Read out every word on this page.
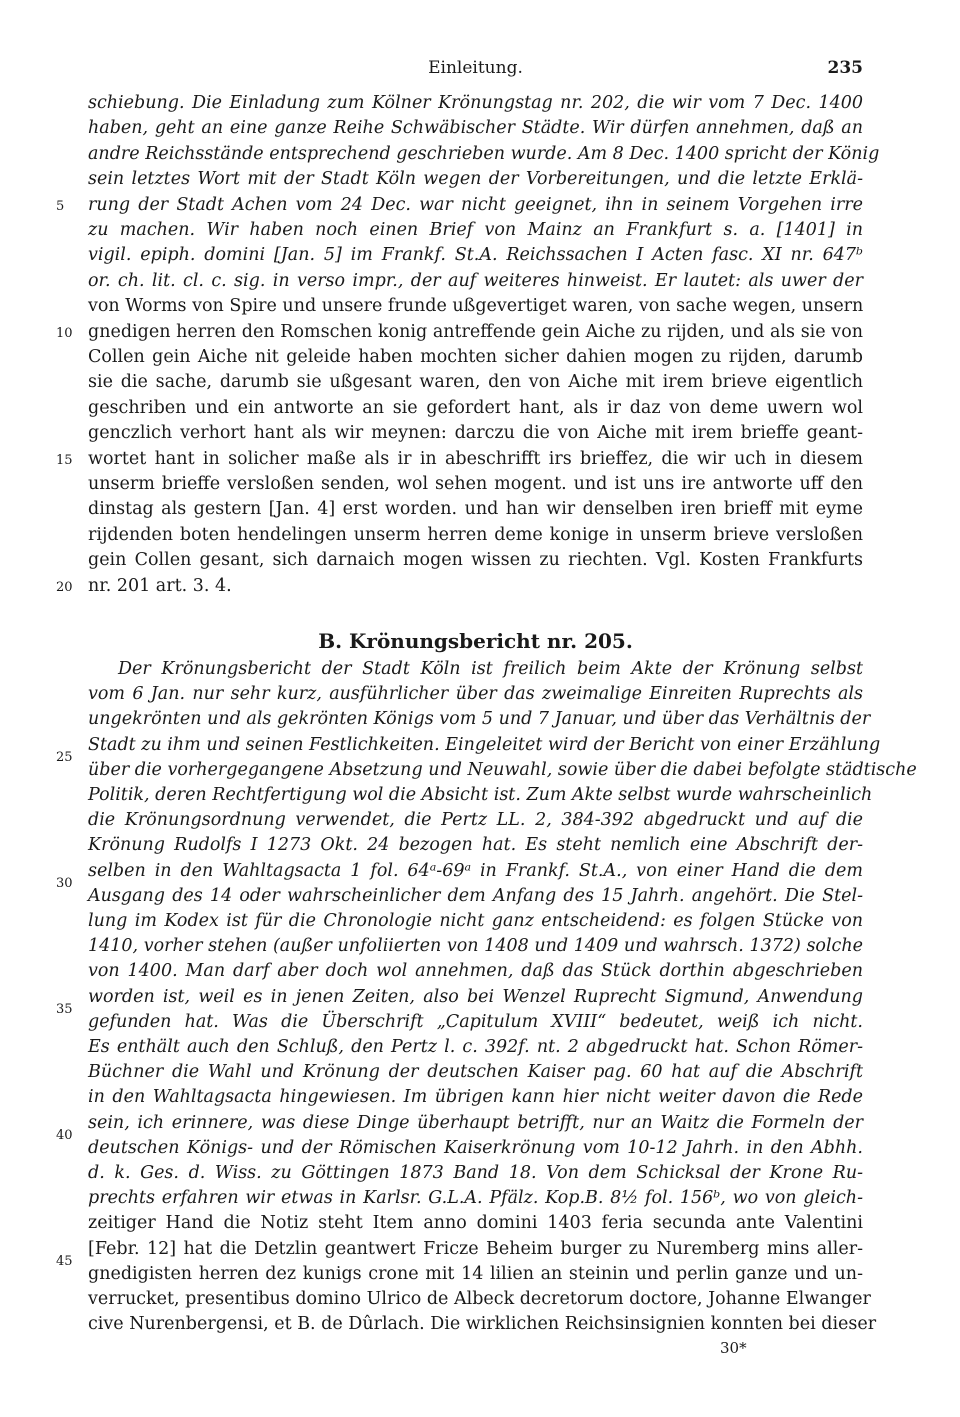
Einleitung.	235
schiebung. Die Einladung zum Kölner Krönungstag nr. 202, die wir vom 7 Dec. 1400
haben, geht an eine ganze Reihe Schwäbischer Städte. Wir dürfen annehmen, daß an
andre Reichsstände entsprechend geschrieben wurde. Am 8 Dec. 1400 spricht der König
sein letztes Wort mit der Stadt Köln wegen der Vorbereitungen, und die letzte Erklä-
rung der Stadt Achen vom 24 Dec. war nicht geeignet, ihn in seinem Vorgehen irre
zu machen. Wir haben noch einen Brief von Mainz an Frankfurt s. a. [1401] in
vigil. epiph. domini [Jan. 5] im Frankf. St.A. Reichssachen I Acten fasc. XI nr. 647ᵇ
or. ch. lit. cl. c. sig. in verso impr., der auf weiteres hinweist. Er lautet: als uwer der
von Worms von Spire und unsere frunde ußgevertiget waren, von sache wegen, unsern
gnedigen herren den Romschen konig antreffende gein Aiche zu rijden, und als sie von
Collen gein Aiche nit geleide haben mochten sicher dahien mogen zu rijden, darumb
sie die sache, darumb sie ußgesant waren, den von Aiche mit irem brieve eigentlich
geschriben und ein antworte an sie gefordert hant, als ir daz von deme uwern wol
genczlich verhort hant als wir meynen: darczu die von Aiche mit irem brieffe geant-
wortet hant in solicher maße als ir in abeschrifft irs brieffez, die wir uch in diesem
unserm brieffe versloßen senden, wol sehen mogent. und ist uns ire antworte uff den
dinstag als gestern [Jan. 4] erst worden. und han wir denselben iren brieff mit eyme
rijdenden boten hendelingen unserm herren deme konige in unserm brieve versloßen
gein Collen gesant, sich darnaich mogen wissen zu riechten. Vgl. Kosten Frankfurts
nr. 201 art. 3. 4.
Der Krönungsbericht der Stadt Köln ist freilich beim Akte der Krönung selbst
vom 6 Jan. nur sehr kurz, ausführlicher über das zweimalige Einreiten Ruprechts als
ungekrönten und als gekrönten Königs vom 5 und 7 Januar, und über das Verhältnis der
Stadt zu ihm und seinen Festlichkeiten. Eingeleitet wird der Bericht von einer Erzählung
über die vorhergegangene Absetzung und Neuwahl, sowie über die dabei befolgte städtische
Politik, deren Rechtfertigung wol die Absicht ist. Zum Akte selbst wurde wahrscheinlich
die Krönungsordnung verwendet, die Pertz LL. 2, 384-392 abgedruckt und auf die
Krönung Rudolfs I 1273 Okt. 24 bezogen hat. Es steht nemlich eine Abschrift der-
selben in den Wahltagsacta 1 fol. 64ᵃ-69ᵃ in Frankf. St.A., von einer Hand die dem
Ausgang des 14 oder wahrscheinlicher dem Anfang des 15 Jahrh. angehört. Die Stel-
lung im Kodex ist für die Chronologie nicht ganz entscheidend: es folgen Stücke von
1410, vorher stehen (außer unfoliierten von 1408 und 1409 und wahrsch. 1372) solche
von 1400. Man darf aber doch wol annehmen, daß das Stück dorthin abgeschrieben
worden ist, weil es in jenen Zeiten, also bei Wenzel Ruprecht Sigmund, Anwendung
gefunden hat. Was die Überschrift „Capitulum XVIII“ bedeutet, weiß ich nicht.
Es enthält auch den Schluß, den Pertz l. c. 392f. nt. 2 abgedruckt hat. Schon Römer-
Büchner die Wahl und Krönung der deutschen Kaiser pag. 60 hat auf die Abschrift
in den Wahltagsacta hingewiesen. Im übrigen kann hier nicht weiter davon die Rede
sein, ich erinnere, was diese Dinge überhaupt betrifft, nur an Waitz die Formeln der
deutschen Königs- und der Römischen Kaiserkrönung vom 10-12 Jahrh. in den Abhh.
d. k. Ges. d. Wiss. zu Göttingen 1873 Band 18. Von dem Schicksal der Krone Ru-
prechts erfahren wir etwas in Karlsr. G.L.A. Pfälz. Kop.B. 8½ fol. 156ᵇ, wo von gleich-
zeitiger Hand die Notiz steht Item anno domini 1403 feria secunda ante Valentini
[Febr. 12] hat die Detzlin geantwert Fricze Beheim burger zu Nuremberg mins aller-
gnedigisten herren dez kunigs crone mit 14 lilien an steinin und perlin ganze und un-
verrucket, presentibus domino Ulrico de Albeck decretorum doctore, Johanne Elwanger
cive Nurenbergensi, et B. de Dûrlach. Die wirklichen Reichsinsignien konnten bei dieser
5
10
15
20
25
30
35
40
45
B. Krönungsbericht nr. 205.
30*
